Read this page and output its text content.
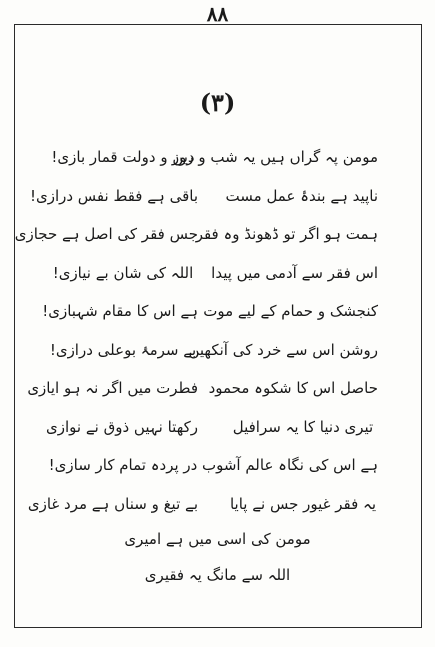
۸۸
(۳)
مومن پہ گراں ہیں یہ شب و روز
دین و دولت قمار بازی!
ناپید ہے بندۂ عمل مست
باقی ہے فقط نفس درازی!
ہمت ہو اگر تو ڈھونڈ وہ فقر
جس فقر کی اصل ہے حجازی
اس فقر سے آدمی میں پیدا
اللہ کی شان بے نیازی!
کنجشک و حمام کے لیے موت
ہے اس کا مقام شہبازی!
روشن اس سے خرد کی آنکھیں
بے سرمۂ بوعلی درازی!
حاصل اس کا شکوہ محمود
فطرت میں اگر نہ ہو ایازی
تیری دنیا کا یہ سرافیل
رکھتا نہیں ذوق نے نوازی
ہے اس کی نگاہ عالم آشوب
در پردہ تمام کار سازی!
یہ فقر غیور جس نے پایا
بے تیغ و سناں ہے مرد غازی
مومن کی اسی میں ہے امیری
اللہ سے مانگ یہ فقیری
